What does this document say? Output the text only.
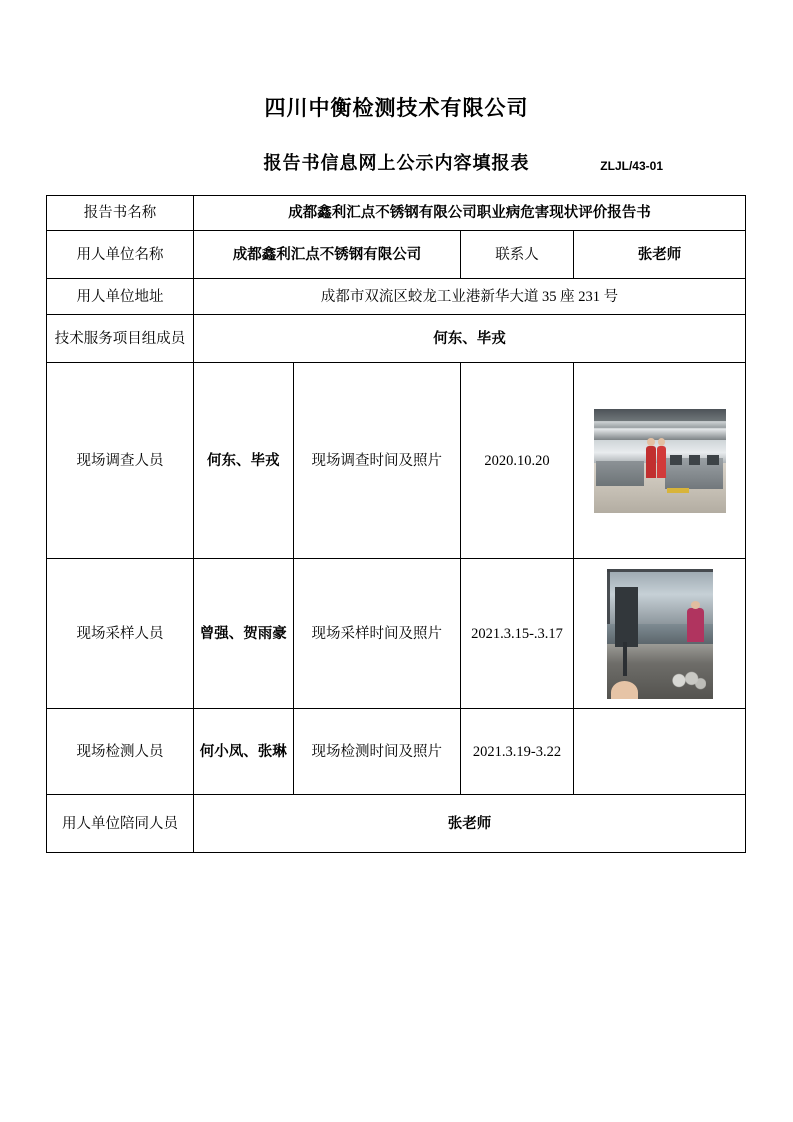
四川中衡检测技术有限公司
报告书信息网上公示内容填报表	ZLJL/43-01
报告书名称	成都鑫利汇点不锈钢有限公司职业病危害现状评价报告书			
用人单位名称	成都鑫利汇点不锈钢有限公司		联系人	张老师
用人单位地址	成都市双流区蛟龙工业港新华大道 35 座 231 号			
技术服务项目组成员	何东、毕戎			
现场调查人员	何东、毕戎	现场调查时间及照片	2020.10.20	

现场采样人员	曾强、贺雨豪	现场采样时间及照片	2021.3.15-.3.17	

现场检测人员	何小凤、张琳	现场检测时间及照片	2021.3.19-3.22	
用人单位陪同人员	张老师			
